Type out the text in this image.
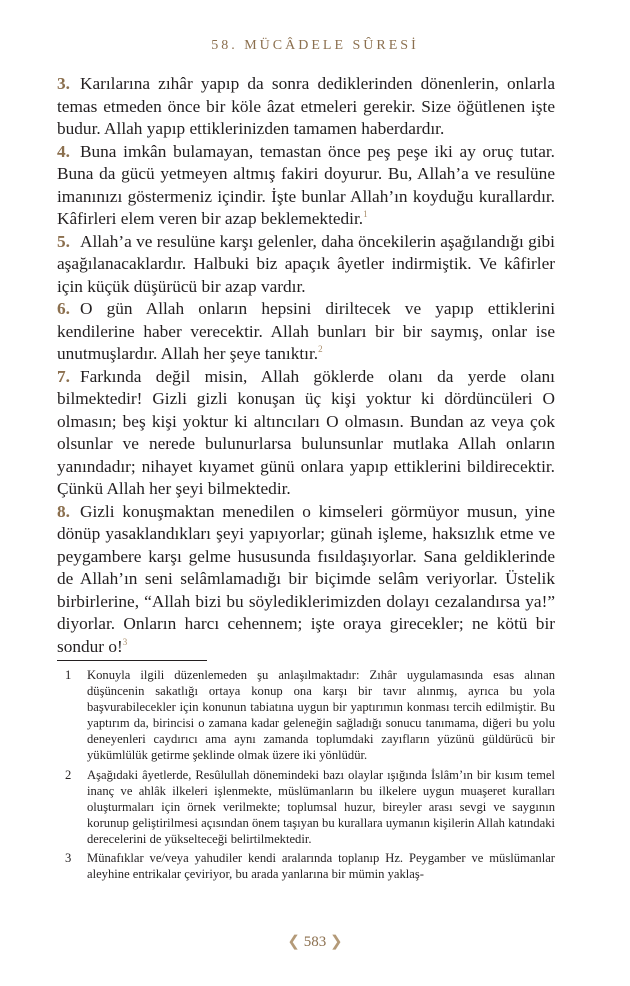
58. MÜCÂDELE SÛRESİ

3. Karılarına zıhâr yapıp da sonra dediklerinden dönenlerin, onlarla temas etmeden önce bir köle âzat etmeleri gerekir. Size öğütlenen işte budur. Allah yapıp ettiklerinizden tamamen haberdardır.

4. Buna imkân bulamayan, temastan önce peş peşe iki ay oruç tutar. Buna da gücü yetmeyen altmış fakiri doyurur. Bu, Allah’a ve resulüne imanınızı göstermeniz içindir. İşte bunlar Allah’ın koyduğu kurallardır. Kâfirleri elem veren bir azap beklemektedir.$^1$

5. Allah’a ve resulüne karşı gelenler, daha öncekilerin aşağılandığı gibi aşağılanacaklardır. Halbuki biz apaçık âyetler indirmiştik. Ve kâfirler için küçük düşürücü bir azap vardır.

6. O gün Allah onların hepsini diriltecek ve yapıp ettiklerini kendilerine haber verecektir. Allah bunları bir bir saymış, onlar ise unutmuşlardır. Allah her şeye tanıktır.$^2$

7. Farkında değil misin, Allah göklerde olanı da yerde olanı bilmektedir! Gizli gizli konuşan üç kişi yoktur ki dördüncüleri O olmasın; beş kişi yoktur ki altıncıları O olmasın. Bundan az veya çok olsunlar ve nerede bulunurlarsa bulunsunlar mutlaka Allah onların yanındadır; nihayet kıyamet günü onlara yapıp ettiklerini bildirecektir. Çünkü Allah her şeyi bilmektedir.

8. Gizli konuşmaktan menedilen o kimseleri görmüyor musun, yine dönüp yasaklandıkları şeyi yapıyorlar; günah işleme, haksızlık etme ve peygambere karşı gelme hususunda fısıldaşıyorlar. Sana geldiklerinde de Allah’ın seni selâmlamadığı bir biçimde selâm veriyorlar. Üstelik birbirlerine, “Allah bizi bu söylediklerimizden dolayı cezalandırsa ya!” diyorlar. Onların harcı cehennem; işte oraya girecekler; ne kötü bir sondur o!$^3$

1	Konuyla ilgili düzenlemeden şu anlaşılmaktadır: Zıhâr uygulamasında esas alınan düşüncenin sakatlığı ortaya konup ona karşı bir tavır alınmış, ayrıca bu yola başvurabilecekler için konunun tabiatına uygun bir yaptırımın konması tercih edilmiştir. Bu yaptırım da, birincisi o zamana kadar geleneğin sağladığı sonucu tanımama, diğeri bu yolu deneyenleri caydırıcı ama aynı zamanda toplumdaki zayıfların yüzünü güldürücü bir yükümlülük getirme şeklinde olmak üzere iki yönlüdür.
2	Aşağıdaki âyetlerde, Resûlullah dönemindeki bazı olaylar ışığında İslâm’ın bir kısım temel inanç ve ahlâk ilkeleri işlenmekte, müslümanların bu ilkelere uygun muaşeret kuralları oluşturmaları için örnek verilmekte; toplumsal huzur, bireyler arası sevgi ve saygının korunup geliştirilmesi açısından önem taşıyan bu kurallara uymanın kişilerin Allah katındaki derecelerini de yükselteceği belirtilmektedir.
3	Münafıklar ve/veya yahudiler kendi aralarında toplanıp Hz. Peygamber ve müslümanlar aleyhine entrikalar çeviriyor, bu arada yanlarına bir mümin yaklaş-
❮ 583 ❯
